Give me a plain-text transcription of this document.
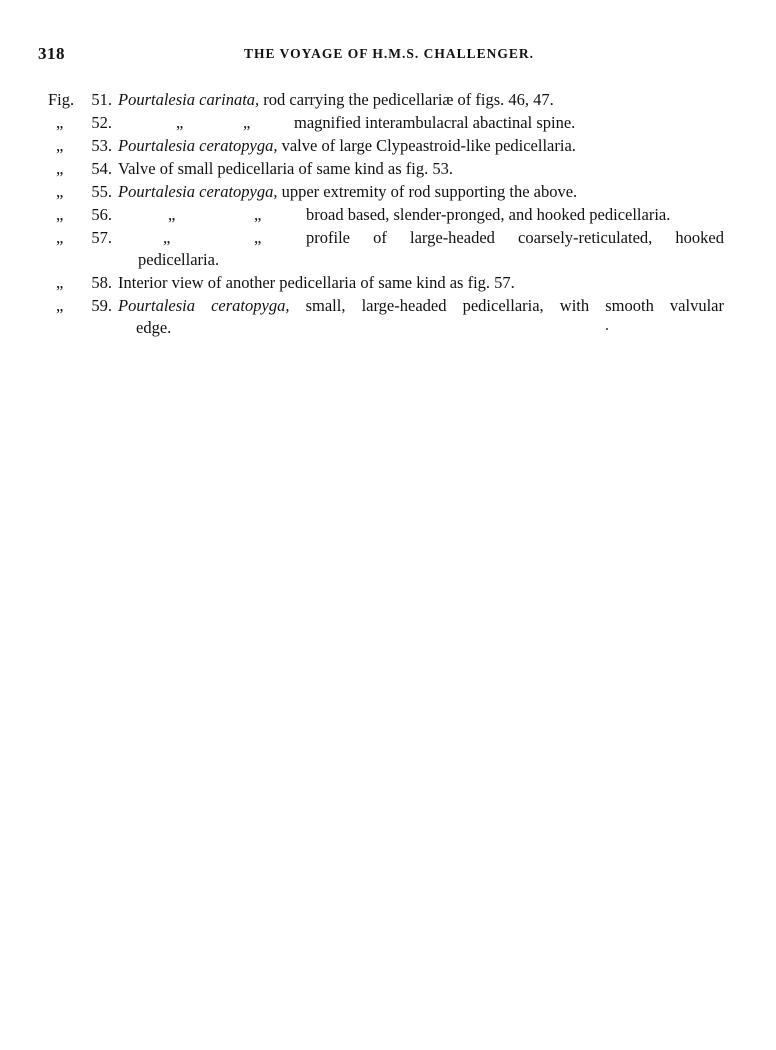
318	THE VOYAGE OF H.M.S. CHALLENGER.
Fig.	51. Pourtalesia carinata, rod carrying the pedicellariæ of figs. 46, 47.
„	52.	„	„	magnified interambulacral abactinal spine.
„	53. Pourtalesia ceratopyga, valve of large Clypeastroid-like pedicellaria.
„	54. Valve of small pedicellaria of same kind as fig. 53.
„	55. Pourtalesia ceratopyga, upper extremity of rod supporting the above.
„	56.	„	„	broad based, slender-pronged, and hooked pedicellaria.
„	57.	„	„	profile of large-headed coarsely-reticulated, hooked
pedicellaria.
„	58. Interior view of another pedicellaria of same kind as fig. 57.
„	59. Pourtalesia ceratopyga, small, large-headed pedicellaria, with smooth valvular
edge.
